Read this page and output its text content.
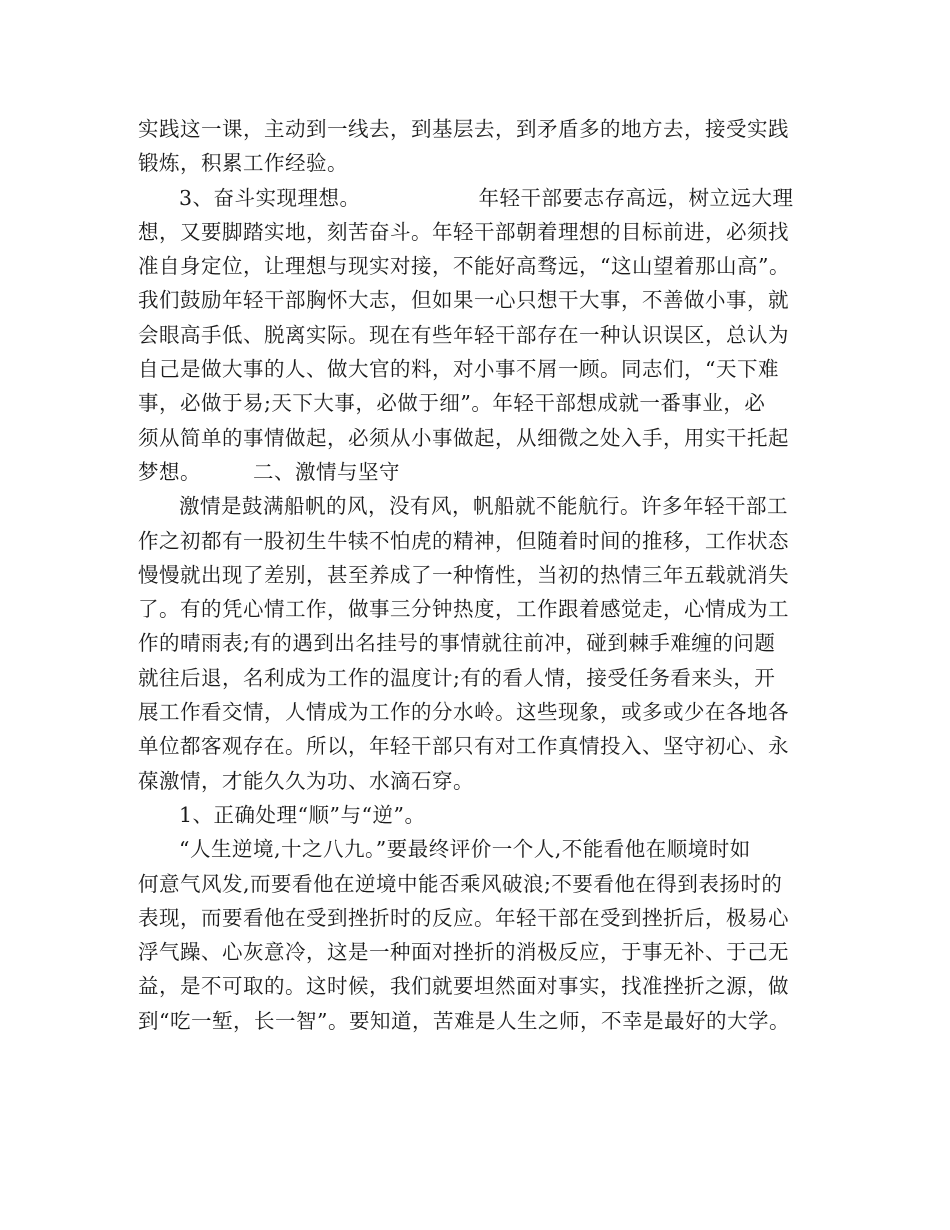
实践这一课，主动到一线去，到基层去，到矛盾多的地方去，接受实践
锻炼，积累工作经验。
3、奋斗实现理想。	年轻干部要志存高远，树立远大理
想，又要脚踏实地，刻苦奋斗。年轻干部朝着理想的目标前进，必须找
准自身定位，让理想与现实对接，不能好高骛远，“这山望着那山高”。
我们鼓励年轻干部胸怀大志，但如果一心只想干大事，不善做小事，就
会眼高手低、脱离实际。现在有些年轻干部存在一种认识误区，总认为
自己是做大事的人、做大官的料，对小事不屑一顾。同志们，“天下难
事，必做于易;天下大事，必做于细”。年轻干部想成就一番事业，必
须从简单的事情做起，必须从小事做起，从细微之处入手，用实干托起
梦想。	二、激情与坚守
激情是鼓满船帆的风，没有风，帆船就不能航行。许多年轻干部工
作之初都有一股初生牛犊不怕虎的精神，但随着时间的推移，工作状态
慢慢就出现了差别，甚至养成了一种惰性，当初的热情三年五载就消失
了。有的凭心情工作，做事三分钟热度，工作跟着感觉走，心情成为工
作的晴雨表;有的遇到出名挂号的事情就往前冲，碰到棘手难缠的问题
就往后退，名利成为工作的温度计;有的看人情，接受任务看来头，开
展工作看交情，人情成为工作的分水岭。这些现象，或多或少在各地各
单位都客观存在。所以，年轻干部只有对工作真情投入、坚守初心、永
葆激情，才能久久为功、水滴石穿。
1、正确处理“顺”与“逆”。
“人生逆境,十之八九。”要最终评价一个人,不能看他在顺境时如
何意气风发,而要看他在逆境中能否乘风破浪;不要看他在得到表扬时的
表现，而要看他在受到挫折时的反应。年轻干部在受到挫折后，极易心
浮气躁、心灰意冷，这是一种面对挫折的消极反应，于事无补、于己无
益，是不可取的。这时候，我们就要坦然面对事实，找准挫折之源，做
到“吃一堑，长一智”。要知道，苦难是人生之师，不幸是最好的大学。
